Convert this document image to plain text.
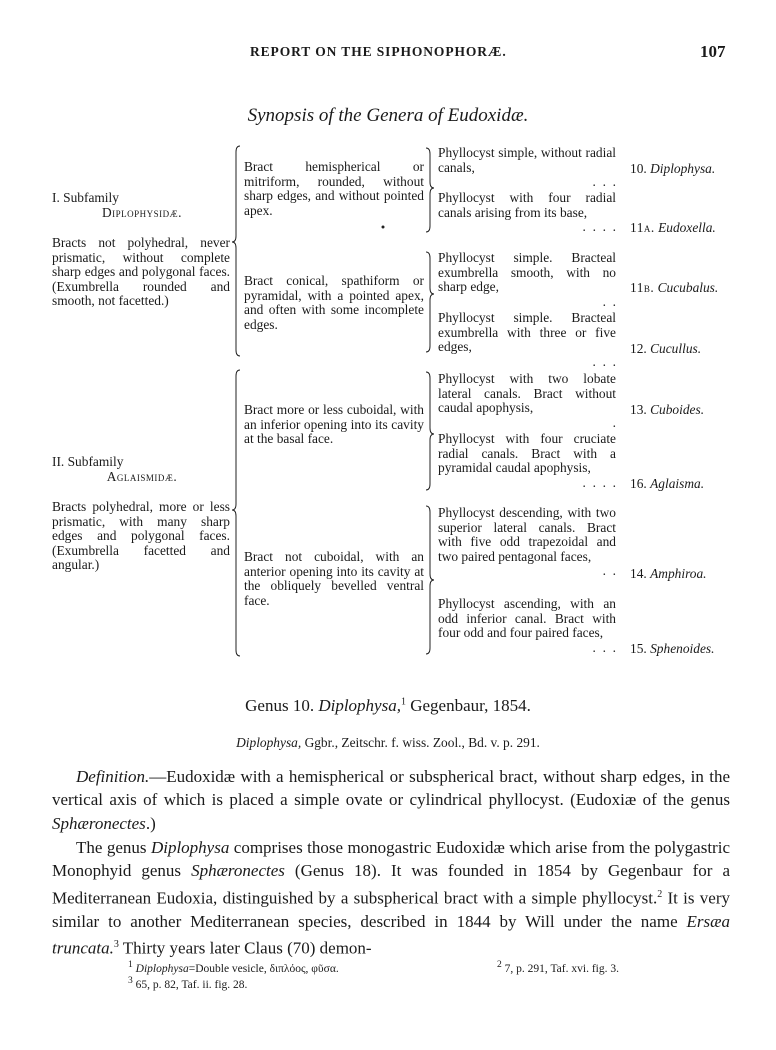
REPORT ON THE SIPHONOPHORÆ.	107
Synopsis of the Genera of Eudoxidæ.
I. Subfamily
Diplophysidæ.
Bracts not polyhedral, never prismatic, without complete sharp edges and polygonal faces. (Exumbrella rounded and smooth, not facetted.)
II. Subfamily
Aglaismidæ.
Bracts polyhedral, more or less prismatic, with many sharp edges and polygonal faces. (Exumbrella facetted and angular.)
Bract hemispherical or mitriform, rounded, without sharp edges, and without pointed apex.
Bract conical, spathiform or pyramidal, with a pointed apex, and often with some incomplete edges.
Bract more or less cuboidal, with an inferior opening into its cavity at the basal face.
Bract not cuboidal, with an anterior opening into its cavity at the obliquely bevelled ventral face.
Phyllocyst simple, without radial canals,
.  .  .
Phyllocyst with four radial canals arising from its base,
.  .  .  .
Phyllocyst simple. Bracteal exumbrella smooth, with no sharp edge,
.  .
Phyllocyst simple. Bracteal exumbrella with three or five edges,
.  .  .
Phyllocyst with two lobate lateral canals. Bract without caudal apophysis,
.
Phyllocyst with four cruciate radial canals. Bract with a pyramidal caudal apophysis,
.  .  .  .
Phyllocyst descending, with two superior lateral canals. Bract with five odd trapezoidal and two paired pentagonal faces,
.  .
Phyllocyst ascending, with an odd inferior canal. Bract with four odd and four paired faces,
.  .  .
10. Diplophysa.
11a. Eudoxella.
11b. Cucubalus.
12. Cucullus.
13. Cuboides.
16. Aglaisma.
14. Amphiroa.
15. Sphenoides.
Genus 10. Diplophysa,$^1$ Gegenbaur, 1854.
Diplophysa, Ggbr., Zeitschr. f. wiss. Zool., Bd. v. p. 291.
Definition.—Eudoxidæ with a hemispherical or subspherical bract, without sharp edges, in the vertical axis of which is placed a simple ovate or cylindrical phyllocyst. (Eudoxiæ of the genus Sphæronectes.)
The genus Diplophysa comprises those monogastric Eudoxidæ which arise from the polygastric Monophyid genus Sphæronectes (Genus 18). It was founded in 1854 by Gegenbaur for a Mediterranean Eudoxia, distinguished by a subspherical bract with a simple phyllocyst.$^2$ It is very similar to another Mediterranean species, described in 1844 by Will under the name Ersæa truncata.$^3$ Thirty years later Claus (70) demon-
$^1$ Diplophysa=Double vesicle, διπλόος, φῦσα.	$^2$ 7, p. 291, Taf. xvi. fig. 3.
$^3$ 65, p. 82, Taf. ii. fig. 28.
